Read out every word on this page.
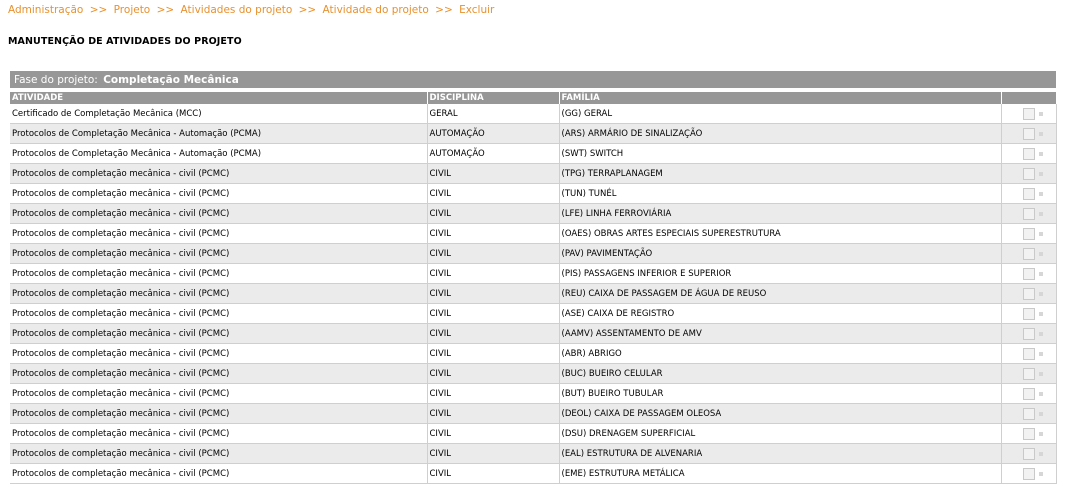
Administração >> Projeto >> Atividades do projeto >> Atividade do projeto >> Excluir
MANUTENÇÃO DE ATIVIDADES DO PROJETO
Fase do projeto: Completação Mecânica
ATIVIDADE	DISCIPLINA	FAMÍLIA	
Certificado de Completação Mecânica (MCC)	GERAL	(GG) GERAL	
Protocolos de Completação Mecânica - Automação (PCMA)	AUTOMAÇÃO	(ARS) ARMÁRIO DE SINALIZAÇÃO	
Protocolos de Completação Mecânica - Automação (PCMA)	AUTOMAÇÃO	(SWT) SWITCH	
Protocolos de completação mecânica - civil (PCMC)	CIVIL	(TPG) TERRAPLANAGEM	
Protocolos de completação mecânica - civil (PCMC)	CIVIL	(TUN) TUNÉL	
Protocolos de completação mecânica - civil (PCMC)	CIVIL	(LFE) LINHA FERROVIÁRIA	
Protocolos de completação mecânica - civil (PCMC)	CIVIL	(OAES) OBRAS ARTES ESPECIAIS SUPERESTRUTURA	
Protocolos de completação mecânica - civil (PCMC)	CIVIL	(PAV) PAVIMENTAÇÃO	
Protocolos de completação mecânica - civil (PCMC)	CIVIL	(PIS) PASSAGENS INFERIOR E SUPERIOR	
Protocolos de completação mecânica - civil (PCMC)	CIVIL	(REU) CAIXA DE PASSAGEM DE ÁGUA DE REUSO	
Protocolos de completação mecânica - civil (PCMC)	CIVIL	(ASE) CAIXA DE REGISTRO	
Protocolos de completação mecânica - civil (PCMC)	CIVIL	(AAMV) ASSENTAMENTO DE AMV	
Protocolos de completação mecânica - civil (PCMC)	CIVIL	(ABR) ABRIGO	
Protocolos de completação mecânica - civil (PCMC)	CIVIL	(BUC) BUEIRO CELULAR	
Protocolos de completação mecânica - civil (PCMC)	CIVIL	(BUT) BUEIRO TUBULAR	
Protocolos de completação mecânica - civil (PCMC)	CIVIL	(DEOL) CAIXA DE PASSAGEM OLEOSA	
Protocolos de completação mecânica - civil (PCMC)	CIVIL	(DSU) DRENAGEM SUPERFICIAL	
Protocolos de completação mecânica - civil (PCMC)	CIVIL	(EAL) ESTRUTURA DE ALVENARIA	
Protocolos de completação mecânica - civil (PCMC)	CIVIL	(EME) ESTRUTURA METÁLICA	
